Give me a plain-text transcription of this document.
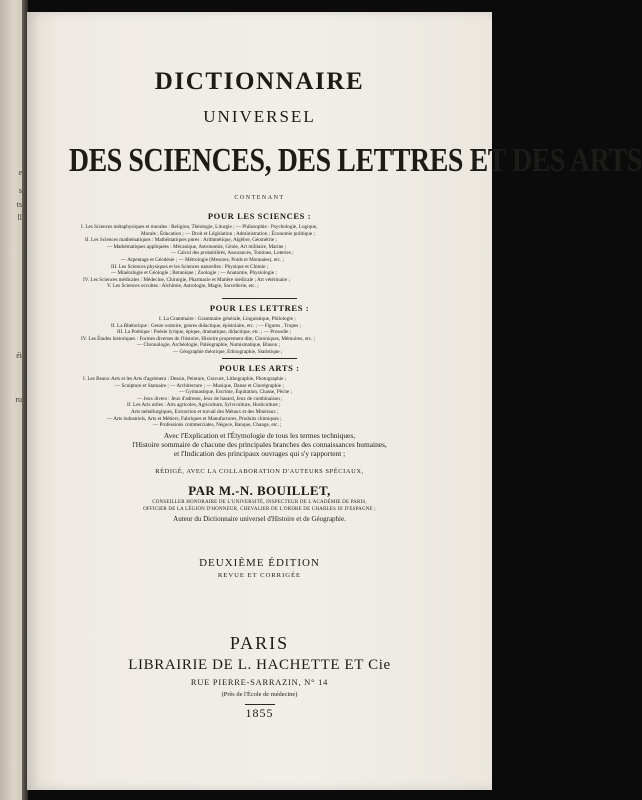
e
s
ts
ll
éi
ru
DICTIONNAIRE
UNIVERSEL
DES SCIENCES, DES LETTRES ET DES ARTS
CONTENANT
POUR LES SCIENCES :
I. Les Sciences métaphysiques et morales : Religion, Théologie, Liturgie ; — Philosophie : Psychologie, Logique,
Morale ; Éducation ; — Droit et Législation ; Administration ; Économie politique ;
II. Les Sciences mathématiques : Mathématiques pures : Arithmétique, Algèbre, Géométrie ;
— Mathématiques appliquées : Mécanique, Astronomie, Génie, Art militaire, Marine ;
— Calcul des probabilités, Assurances, Tontines, Loteries ;
— Arpentage et Géodésie ; — Métrologie (Mesures, Poids et Monnaies), etc. ;
III. Les Sciences physiques et les Sciences naturelles : Physique et Chimie ;
— Minéralogie et Géologie ; Botanique ; Zoologie ; — Anatomie, Physiologie ;
IV. Les Sciences médicales : Médecine, Chirurgie, Pharmacie et Matière médicale ; Art vétérinaire ;
V. Les Sciences occultes : Alchimie, Astrologie, Magie, Sorcellerie, etc. ;
POUR LES LETTRES :
I. La Grammaire : Grammaire générale, Linguistique, Philologie ;
II. La Rhétorique : Genre oratoire, genres didactique, épistolaire, etc. ; — Figures , Tropes ;
III. La Poétique : Poésie lyrique, épique, dramatique, didactique, etc. ; — Prosodie ;
IV. Les Études historiques : Formes diverses de l'histoire, Histoire proprement dite, Chroniques, Mémoires, etc. ;
— Chronologie, Archéologie, Paléographie, Numismatique, Blason ;
— Géographie théorique, Ethnographie, Statistique ;
POUR LES ARTS :
I. Les Beaux-Arts et les Arts d'agrément : Dessin, Peinture, Gravure, Lithographie, Photographie ;
— Sculpture et Statuaire ; — Architecture ; — Musique, Danse et Chorégraphie ;
— Gymnastique, Escrime, Équitation, Chasse, Pêche ;
— Jeux divers : Jeux d'adresse, Jeux de hasard, Jeux de combinaison ;
II. Les Arts utiles : Arts agricoles, Agriculture, Sylviculture, Horticulture ;
Arts métallurgiques, Extraction et travail des Métaux et des Minéraux ;
— Arts industriels, Arts et Métiers, Fabriques et Manufactures, Produits chimiques ;
— Professions commerciales, Négoce, Banque, Change, etc. ;
Avec l'Explication et l'Étymologie de tous les termes techniques,
l'Histoire sommaire de chacune des principales branches des connaissances humaines,
et l'Indication des principaux ouvrages qui s'y rapportent ;
RÉDIGÉ, AVEC LA COLLABORATION D'AUTEURS SPÉCIAUX,
PAR M.-N. BOUILLET,
CONSEILLER HONORAIRE DE L'UNIVERSITÉ, INSPECTEUR DE L'ACADÉMIE DE PARIS,
OFFICIER DE LA LÉGION D'HONNEUR, CHEVALIER DE L'ORDRE DE CHARLES III D'ESPAGNE ;
Auteur du Dictionnaire universel d'Histoire et de Géographie.
DEUXIÈME ÉDITION
REVUE ET CORRIGÉE
PARIS
LIBRAIRIE DE L. HACHETTE ET Cie
RUE PIERRE-SARRAZIN, N° 14
(Près de l'École de médecine)
1855
